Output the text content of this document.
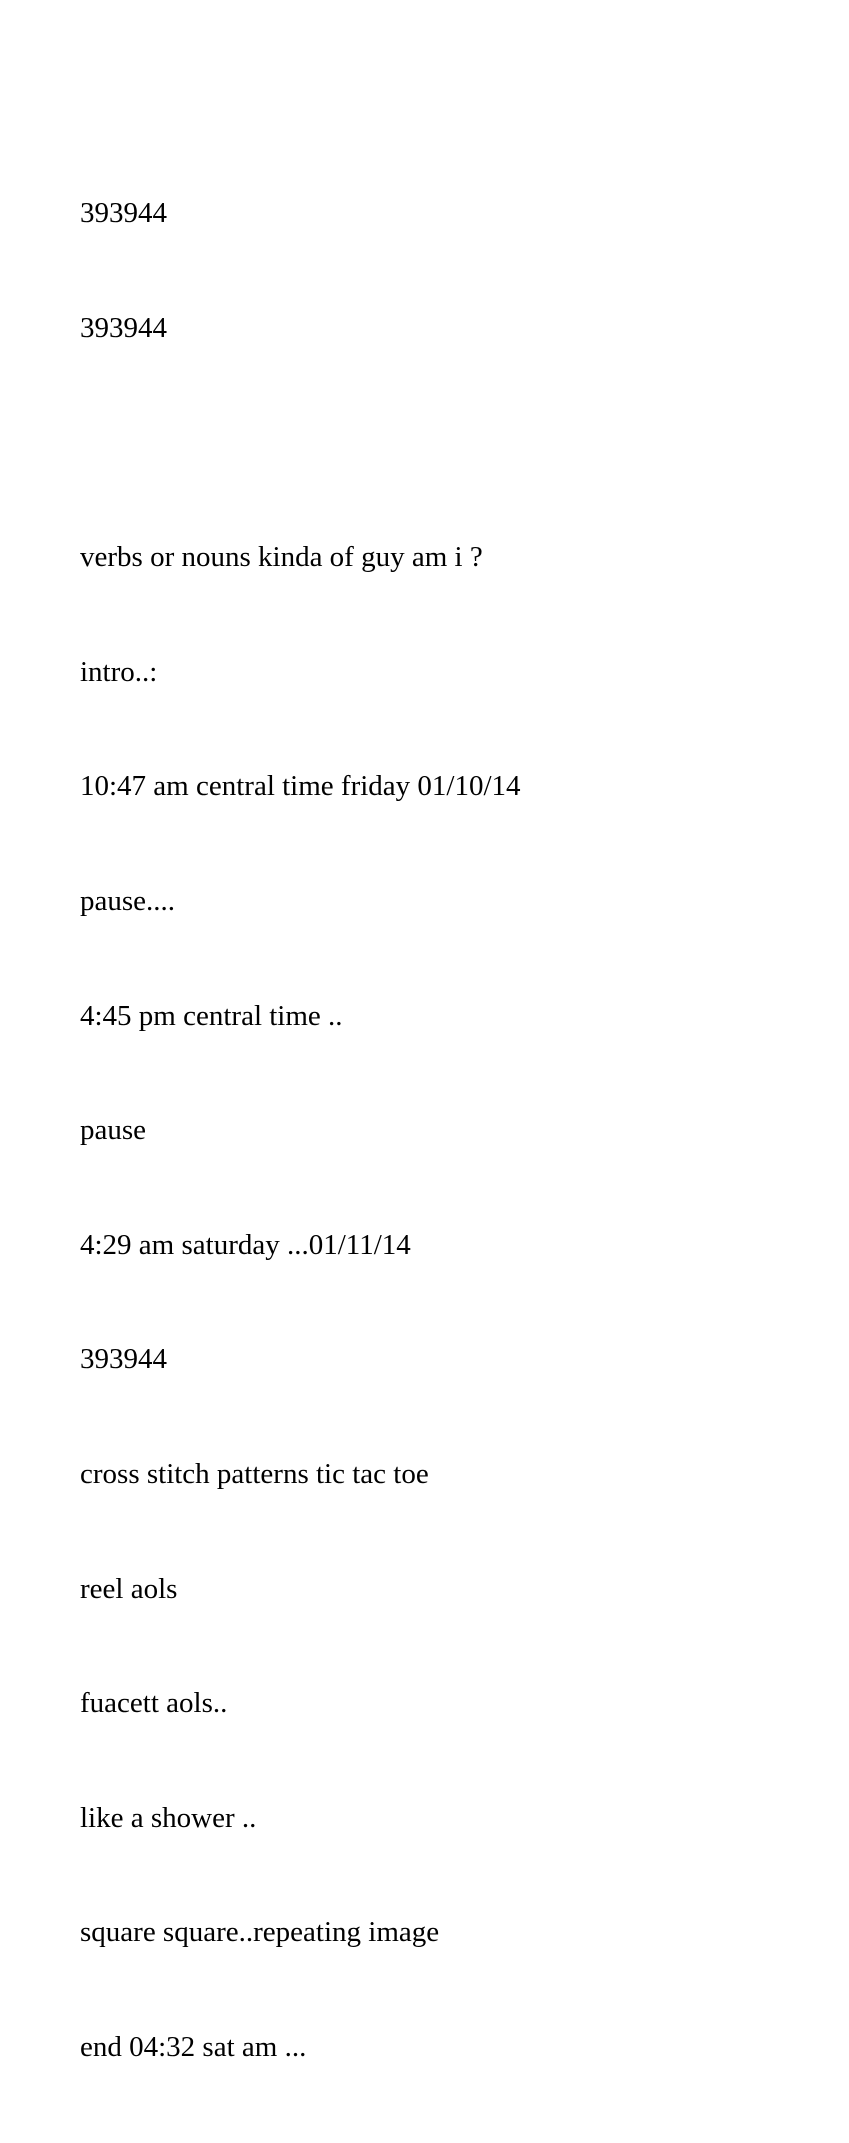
393944

393944

verbs or nouns kinda of guy am i ?

intro..:

10:47 am central time friday 01/10/14

pause....

4:45 pm central time ..

pause

4:29 am saturday ...01/11/14

393944

cross stitch patterns tic tac toe

reel aols

fuacett aols..

like a shower ..

square square..repeating image

end 04:32 sat am ...
